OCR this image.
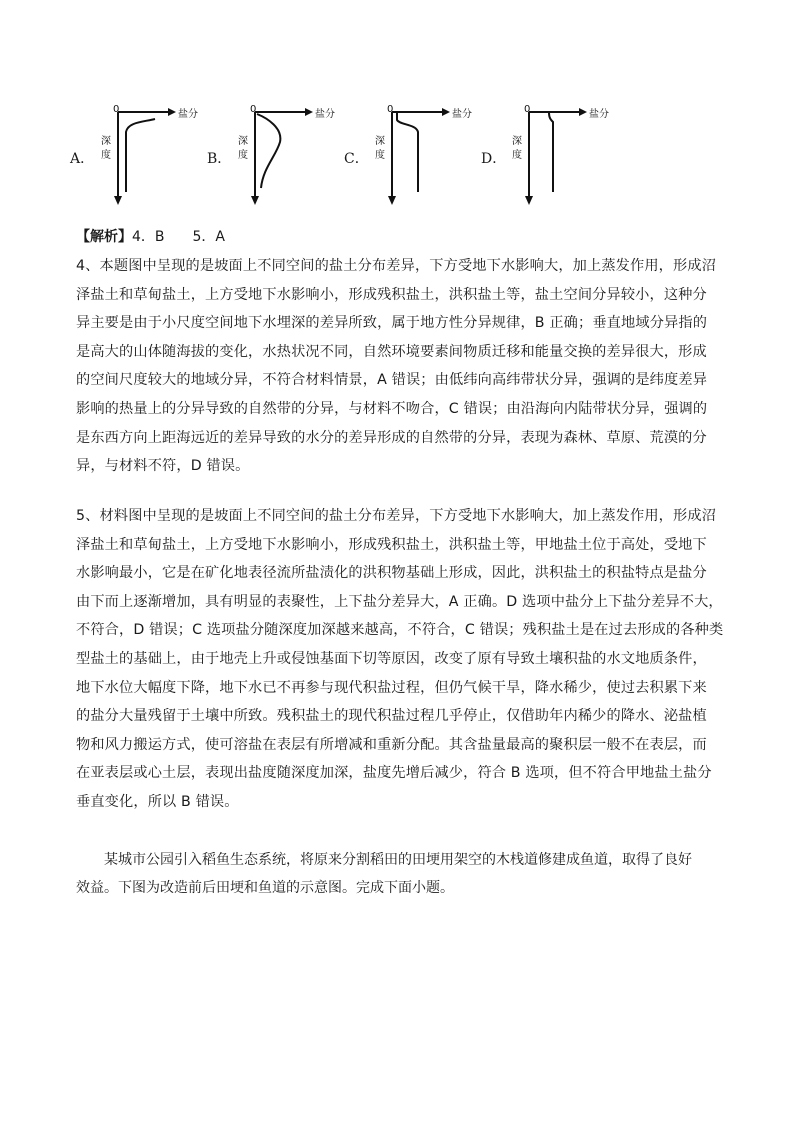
A．
0	盐分
深
度	B．
0	盐分
深
度	C．
0	盐分
深
度	D．
0	盐分
深
度
【解析】4．B　　5．A
4、本题图中呈现的是坡面上不同空间的盐土分布差异，下方受地下水影响大，加上蒸发作用，形成沼
泽盐土和草甸盐土，上方受地下水影响小，形成残积盐土，洪积盐土等，盐土空间分异较小，这种分
异主要是由于小尺度空间地下水埋深的差异所致，属于地方性分异规律，B 正确；垂直地域分异指的
是高大的山体随海拔的变化，水热状况不同，自然环境要素间物质迁移和能量交换的差异很大，形成
的空间尺度较大的地域分异，不符合材料情景，A 错误；由低纬向高纬带状分异，强调的是纬度差异
影响的热量上的分异导致的自然带的分异，与材料不吻合，C 错误；由沿海向内陆带状分异，强调的
是东西方向上距海远近的差异导致的水分的差异形成的自然带的分异，表现为森林、草原、荒漠的分
异，与材料不符，D 错误。
5、材料图中呈现的是坡面上不同空间的盐土分布差异，下方受地下水影响大，加上蒸发作用，形成沼
泽盐土和草甸盐土，上方受地下水影响小，形成残积盐土，洪积盐土等，甲地盐土位于高处，受地下
水影响最小，它是在矿化地表径流所盐渍化的洪积物基础上形成，因此，洪积盐土的积盐特点是盐分
由下而上逐渐增加，具有明显的表聚性，上下盐分差异大，A 正确。D 选项中盐分上下盐分差异不大，
不符合，D 错误；C 选项盐分随深度加深越来越高，不符合，C 错误；残积盐土是在过去形成的各种类
型盐土的基础上，由于地壳上升或侵蚀基面下切等原因，改变了原有导致土壤积盐的水文地质条件，
地下水位大幅度下降，地下水已不再参与现代积盐过程，但仍气候干旱，降水稀少，使过去积累下来
的盐分大量残留于土壤中所致。残积盐土的现代积盐过程几乎停止，仅借助年内稀少的降水、泌盐植
物和风力搬运方式，使可溶盐在表层有所增减和重新分配。其含盐量最高的聚积层一般不在表层，而
在亚表层或心土层，表现出盐度随深度加深，盐度先增后减少，符合 B 选项，但不符合甲地盐土盐分
垂直变化，所以 B 错误。
　　某城市公园引入稻鱼生态系统，将原来分割稻田的田埂用架空的木栈道修建成鱼道，取得了良好
效益。下图为改造前后田埂和鱼道的示意图。完成下面小题。
